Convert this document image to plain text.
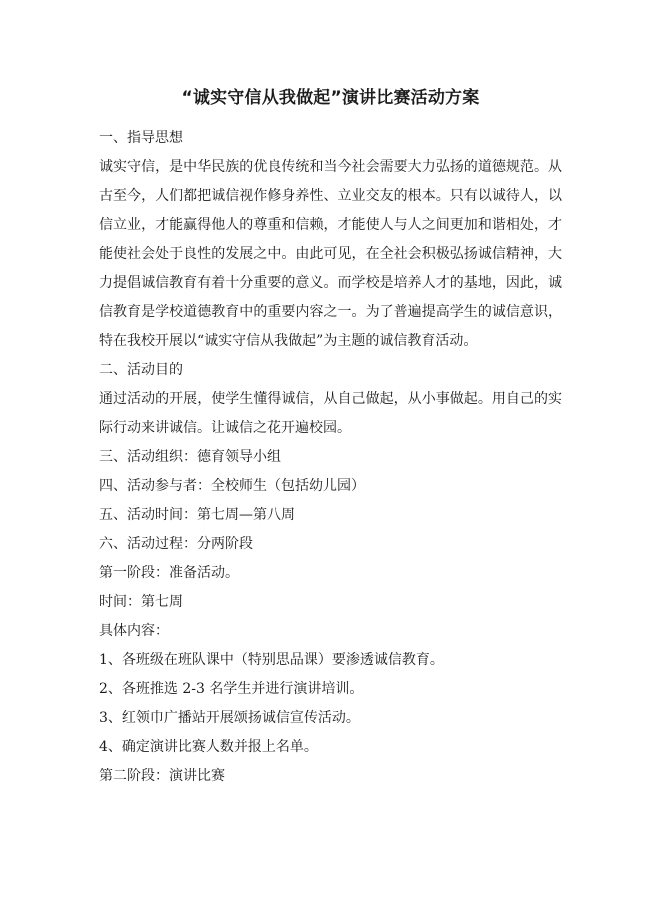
“诚实守信从我做起”演讲比赛活动方案

一、指导思想

诚实守信，是中华民族的优良传统和当今社会需要大力弘扬的道德规范。从古至今，人们都把诚信视作修身养性、立业交友的根本。只有以诚待人，以信立业，才能赢得他人的尊重和信赖，才能使人与人之间更加和谐相处，才能使社会处于良性的发展之中。由此可见，在全社会积极弘扬诚信精神，大力提倡诚信教育有着十分重要的意义。而学校是培养人才的基地，因此，诚信教育是学校道德教育中的重要内容之一。为了普遍提高学生的诚信意识，特在我校开展以“诚实守信从我做起”为主题的诚信教育活动。

二、活动目的

通过活动的开展，使学生懂得诚信，从自己做起，从小事做起。用自己的实际行动来讲诚信。让诚信之花开遍校园。

三、活动组织：德育领导小组

四、活动参与者：全校师生（包括幼儿园）

五、活动时间：第七周—第八周

六、活动过程：分两阶段

第一阶段：准备活动。

时间：第七周

具体内容：

1、各班级在班队课中（特别思品课）要渗透诚信教育。

2、各班推选 2-3 名学生并进行演讲培训。

3、红领巾广播站开展颂扬诚信宣传活动。

4、确定演讲比赛人数并报上名单。

第二阶段：演讲比赛
